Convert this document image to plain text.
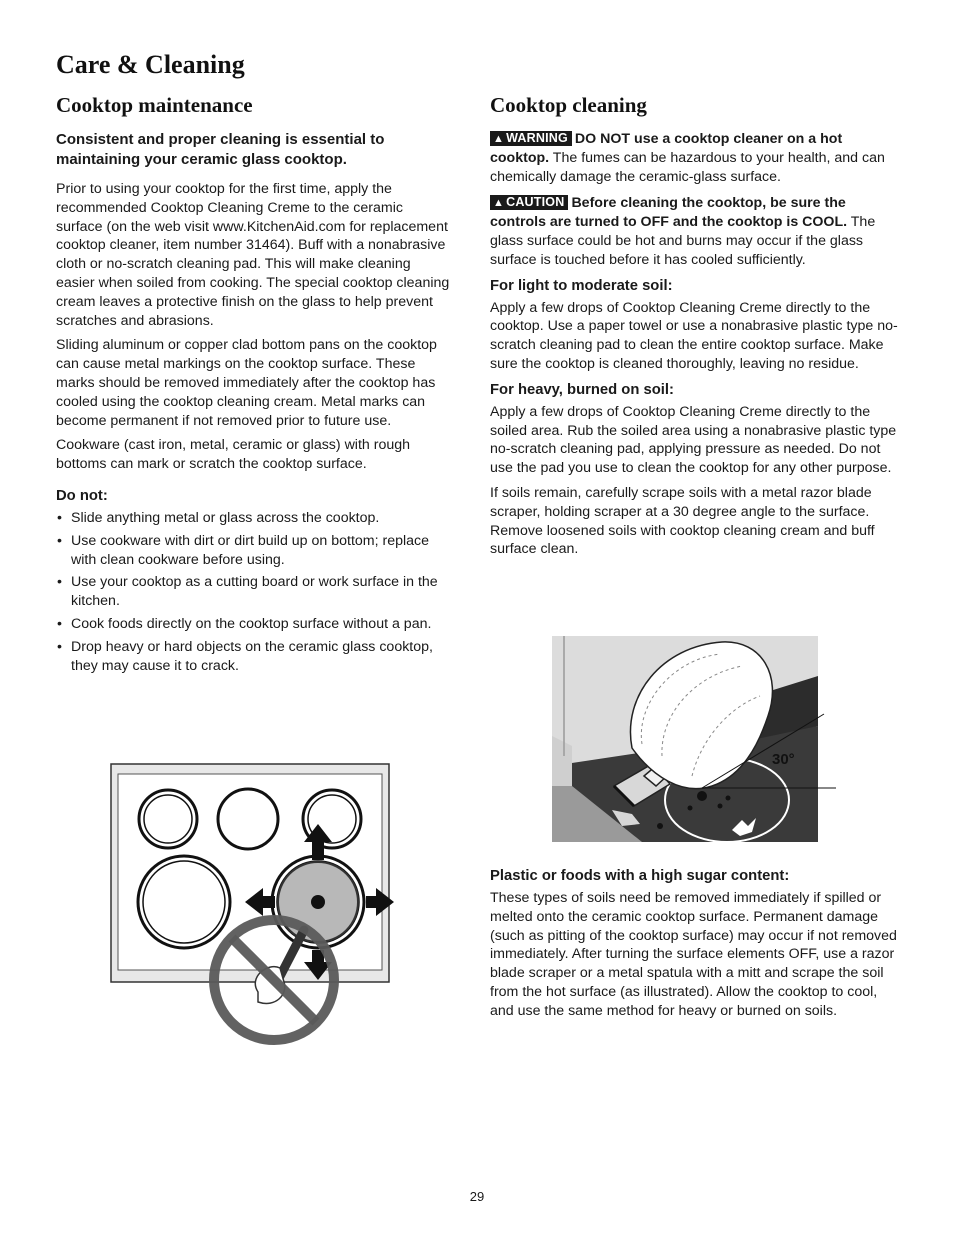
Care & Cleaning
Cooktop maintenance

Consistent and proper cleaning is essential to maintaining your ceramic glass cooktop.

Prior to using your cooktop for the first time, apply the recommended Cooktop Cleaning Creme to the ceramic surface (on the web visit www.KitchenAid.com for replacement cooktop cleaner, item number 31464). Buff with a nonabrasive cloth or no-scratch cleaning pad. This will make cleaning easier when soiled from cooking. The special cooktop cleaning cream leaves a protective finish on the glass to help prevent scratches and abrasions.

Sliding aluminum or copper clad bottom pans on the cooktop can cause metal markings on the cooktop surface. These marks should be removed immediately after the cooktop has cooled using the cooktop cleaning cream. Metal marks can become permanent if not removed prior to future use.

Cookware (cast iron, metal, ceramic or glass) with rough bottoms can mark or scratch the cooktop surface.

Do not:
• Slide anything metal or glass across the cooktop.
• Use cookware with dirt or dirt build up on bottom; replace with clean cookware before using.
• Use your cooktop as a cutting board or work surface in the kitchen.
• Cook foods directly on the cooktop surface without a pan.
• Drop heavy or hard objects on the ceramic glass cooktop, they may cause it to crack.
Cooktop cleaning

▲ WARNING DO NOT use a cooktop cleaner on a hot cooktop. The fumes can be hazardous to your health, and can chemically damage the ceramic-glass surface.

▲ CAUTION Before cleaning the cooktop, be sure the controls are turned to OFF and the cooktop is COOL. The glass surface could be hot and burns may occur if the glass surface is touched before it has cooled sufficiently.

For light to moderate soil:

Apply a few drops of Cooktop Cleaning Creme directly to the cooktop. Use a paper towel or use a nonabrasive plastic type no-scratch cleaning pad to clean the entire cooktop surface. Make sure the cooktop is cleaned thoroughly, leaving no residue.

For heavy, burned on soil:

Apply a few drops of Cooktop Cleaning Creme directly to the soiled area. Rub the soiled area using a nonabrasive plastic type no-scratch cleaning pad, applying pressure as needed. Do not use the pad you use to clean the cooktop for any other purpose.

If soils remain, carefully scrape soils with a metal razor blade scraper, holding scraper at a 30 degree angle to the surface. Remove loosened soils with cooktop cleaning cream and buff surface clean.

Plastic or foods with a high sugar content:

These types of soils need be removed immediately if spilled or melted onto the ceramic cooktop surface. Permanent damage (such as pitting of the cooktop surface) may occur if not removed immediately. After turning the surface elements OFF, use a razor blade scraper or a metal spatula with a mitt and scrape the soil from the hot surface (as illustrated). Allow the cooktop to cool, and use the same method for heavy or burned on soils.

30°
29
